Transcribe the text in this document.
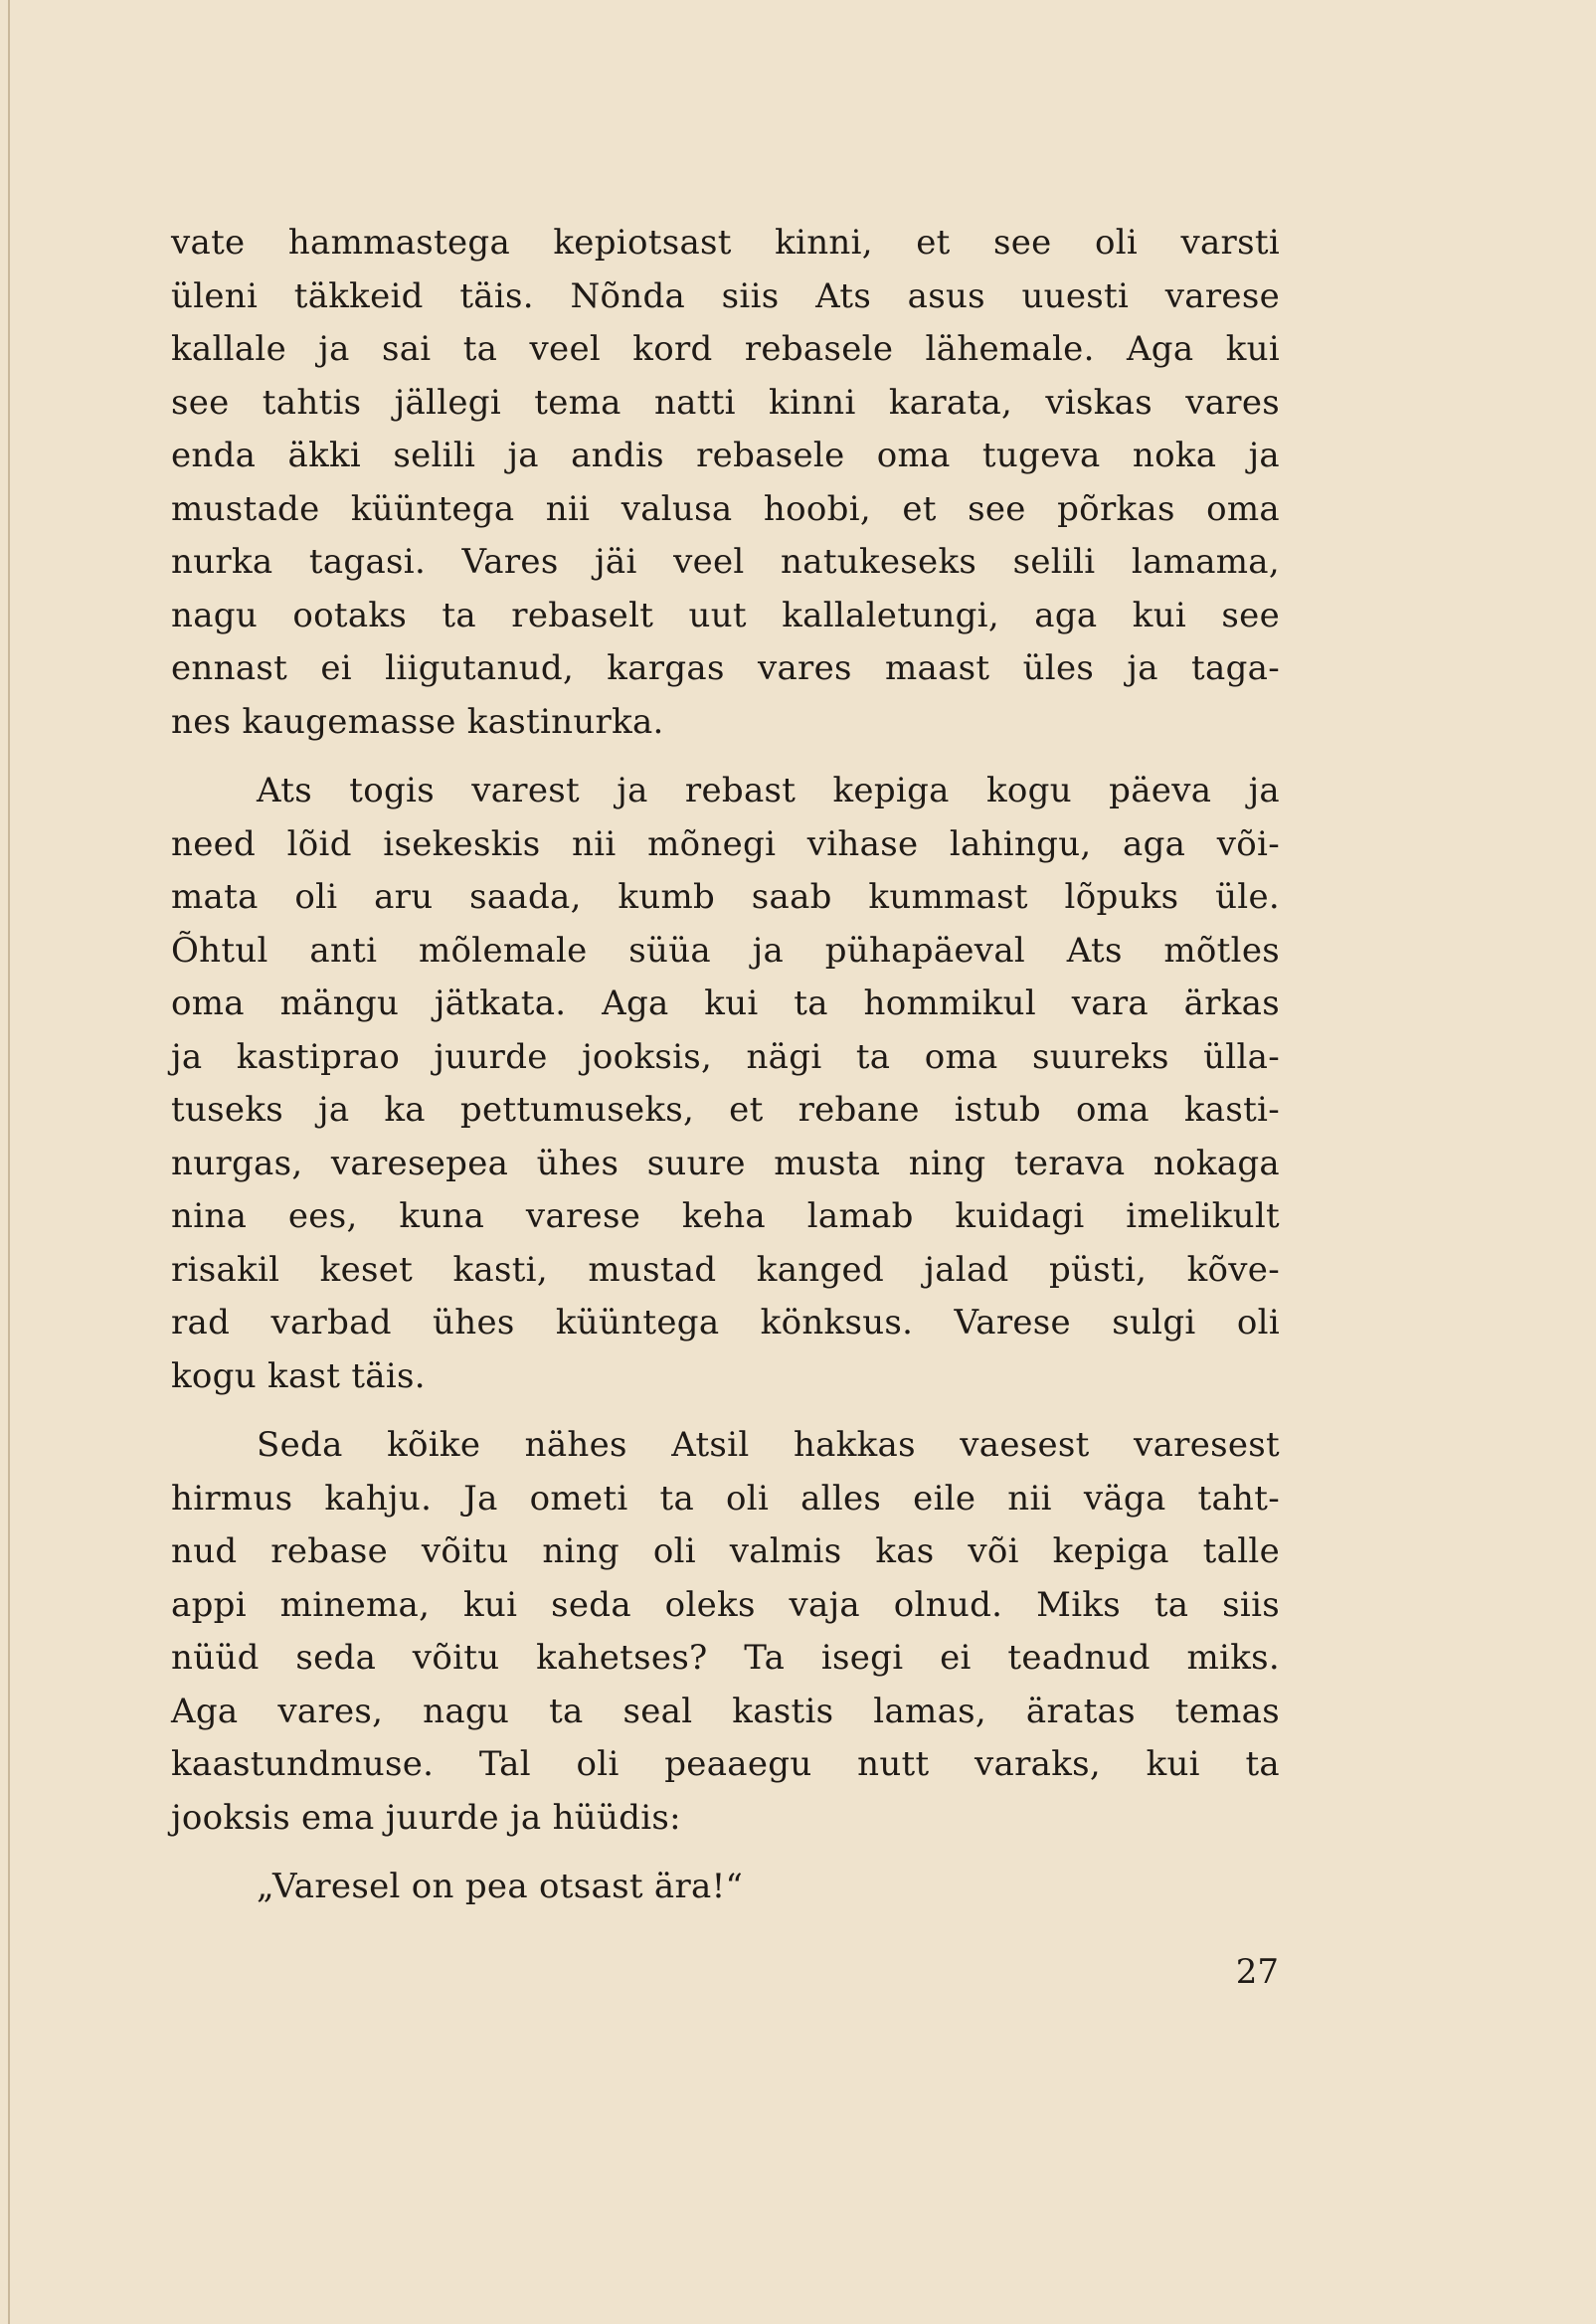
vate hammastega kepiotsast kinni, et see oli varsti
üleni täkkeid täis. Nõnda siis Ats asus uuesti varese
kallale ja sai ta veel kord rebasele lähemale. Aga kui
see tahtis jällegi tema natti kinni karata, viskas vares
enda äkki selili ja andis rebasele oma tugeva noka ja
mustade küüntega nii valusa hoobi, et see põrkas oma
nurka tagasi. Vares jäi veel natukeseks selili lamama,
nagu ootaks ta rebaselt uut kallaletungi, aga kui see
ennast ei liigutanud, kargas vares maast üles ja taga-
nes kaugemasse kastinurka.
Ats togis varest ja rebast kepiga kogu päeva ja
need lõid isekeskis nii mõnegi vihase lahingu, aga või-
mata oli aru saada, kumb saab kummast lõpuks üle.
Õhtul anti mõlemale süüa ja pühapäeval Ats mõtles
oma mängu jätkata. Aga kui ta hommikul vara ärkas
ja kastiprao juurde jooksis, nägi ta oma suureks ülla-
tuseks ja ka pettumuseks, et rebane istub oma kasti-
nurgas, varesepea ühes suure musta ning terava nokaga
nina ees, kuna varese keha lamab kuidagi imelikult
risakil keset kasti, mustad kanged jalad püsti, kõve-
rad varbad ühes küüntega könksus. Varese sulgi oli
kogu kast täis.
Seda kõike nähes Atsil hakkas vaesest varesest
hirmus kahju. Ja ometi ta oli alles eile nii väga taht-
nud rebase võitu ning oli valmis kas või kepiga talle
appi minema, kui seda oleks vaja olnud. Miks ta siis
nüüd seda võitu kahetses? Ta isegi ei teadnud miks.
Aga vares, nagu ta seal kastis lamas, äratas temas
kaastundmuse. Tal oli peaaegu nutt varaks, kui ta
jooksis ema juurde ja hüüdis:
„Varesel on pea otsast ära!“
27
